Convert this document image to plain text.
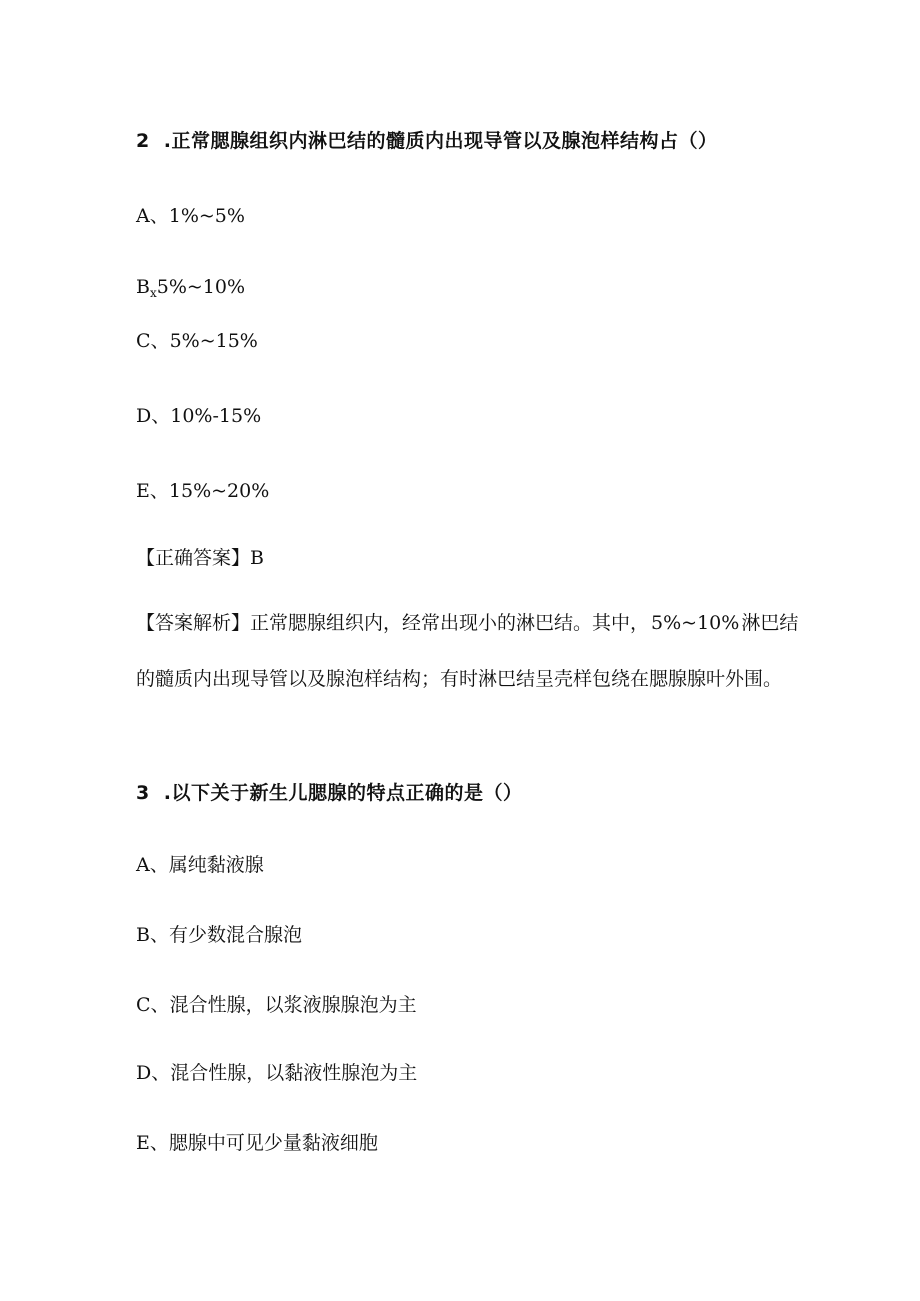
2 .正常腮腺组织内淋巴结的髓质内出现导管以及腺泡样结构占（）
A、1%~5%
$B_x5\%\sim 10\%$
C、5%~15%
D、10%-15%
E、15%~20%
【正确答案】B
【答案解析】正常腮腺组织内，经常出现小的淋巴结。其中， 5%~10% 淋巴结
的髓质内出现导管以及腺泡样结构；有时淋巴结呈壳样包绕在腮腺腺叶外围。
3 .以下关于新生儿腮腺的特点正确的是（）
A、属纯黏液腺
B、有少数混合腺泡
C、混合性腺，以浆液腺腺泡为主
D、混合性腺，以黏液性腺泡为主
E、腮腺中可见少量黏液细胞
